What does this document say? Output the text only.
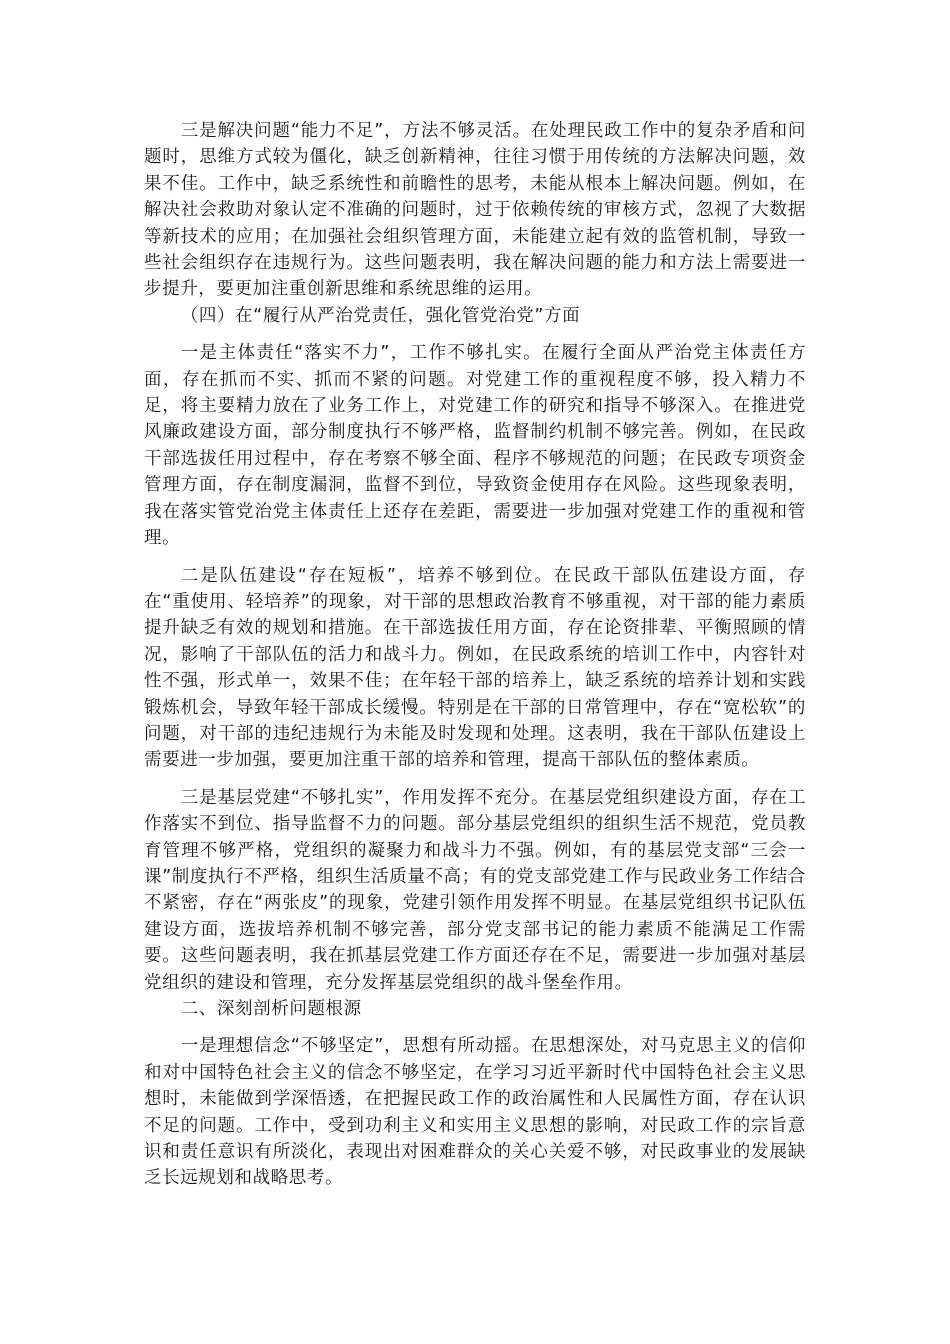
三是解决问题“能力不足”，方法不够灵活。在处理民政工作中的复杂矛盾和问题时，思维方式较为僵化，缺乏创新精神，往往习惯于用传统的方法解决问题，效果不佳。工作中，缺乏系统性和前瞻性的思考，未能从根本上解决问题。例如，在解决社会救助对象认定不准确的问题时，过于依赖传统的审核方式，忽视了大数据等新技术的应用；在加强社会组织管理方面，未能建立起有效的监管机制，导致一些社会组织存在违规行为。这些问题表明，我在解决问题的能力和方法上需要进一步提升，要更加注重创新思维和系统思维的运用。

（四）在“履行从严治党责任，强化管党治党”方面

一是主体责任“落实不力”，工作不够扎实。在履行全面从严治党主体责任方面，存在抓而不实、抓而不紧的问题。对党建工作的重视程度不够，投入精力不足，将主要精力放在了业务工作上，对党建工作的研究和指导不够深入。在推进党风廉政建设方面，部分制度执行不够严格，监督制约机制不够完善。例如，在民政干部选拔任用过程中，存在考察不够全面、程序不够规范的问题；在民政专项资金管理方面，存在制度漏洞，监督不到位，导致资金使用存在风险。这些现象表明，我在落实管党治党主体责任上还存在差距，需要进一步加强对党建工作的重视和管理。

二是队伍建设“存在短板”，培养不够到位。在民政干部队伍建设方面，存在“重使用、轻培养”的现象，对干部的思想政治教育不够重视，对干部的能力素质提升缺乏有效的规划和措施。在干部选拔任用方面，存在论资排辈、平衡照顾的情况，影响了干部队伍的活力和战斗力。例如，在民政系统的培训工作中，内容针对性不强，形式单一，效果不佳；在年轻干部的培养上，缺乏系统的培养计划和实践锻炼机会，导致年轻干部成长缓慢。特别是在干部的日常管理中，存在“宽松软”的问题，对干部的违纪违规行为未能及时发现和处理。这表明，我在干部队伍建设上需要进一步加强，要更加注重干部的培养和管理，提高干部队伍的整体素质。

三是基层党建“不够扎实”，作用发挥不充分。在基层党组织建设方面，存在工作落实不到位、指导监督不力的问题。部分基层党组织的组织生活不规范，党员教育管理不够严格，党组织的凝聚力和战斗力不强。例如，有的基层党支部“三会一课”制度执行不严格，组织生活质量不高；有的党支部党建工作与民政业务工作结合不紧密，存在“两张皮”的现象，党建引领作用发挥不明显。在基层党组织书记队伍建设方面，选拔培养机制不够完善，部分党支部书记的能力素质不能满足工作需要。这些问题表明，我在抓基层党建工作方面还存在不足，需要进一步加强对基层党组织的建设和管理，充分发挥基层党组织的战斗堡垒作用。

二、深刻剖析问题根源

一是理想信念“不够坚定”，思想有所动摇。在思想深处，对马克思主义的信仰和对中国特色社会主义的信念不够坚定，在学习习近平新时代中国特色社会主义思想时，未能做到学深悟透，在把握民政工作的政治属性和人民属性方面，存在认识不足的问题。工作中，受到功利主义和实用主义思想的影响，对民政工作的宗旨意识和责任意识有所淡化，表现出对困难群众的关心关爱不够，对民政事业的发展缺乏长远规划和战略思考。
